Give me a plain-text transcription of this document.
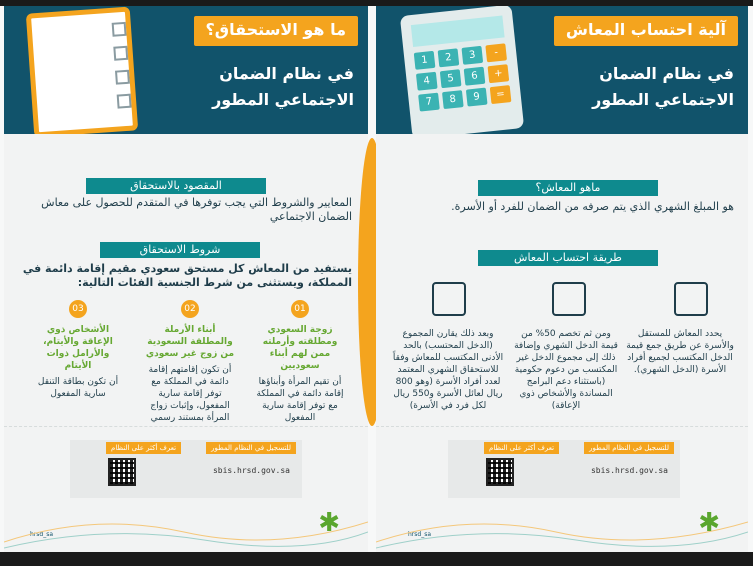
ما هو الاستحقاق؟
في نظام الضمان
الاجتماعي المطور
المقصود بالاستحقاق
المعايير والشروط التي يجب توفرها في المتقدم للحصول على معاش الضمان الاجتماعي
شروط الاستحقاق
يستفيد من المعاش كل مستحق سعودي مقيم إقامة دائمة في المملكة، ويستثنى من شرط الجنسية الفئات التالية:
01
زوجة السعودي ومطلقته وأرملته ممن لهم أبناء سعوديين
أن تقيم المرأة وأبناؤها إقامة دائمة في المملكة مع توفر إقامة سارية المفعول
02
أبناء الأرملة والمطلقة السعودية من زوج غير سعودي
أن تكون إقامتهم إقامة دائمة في المملكة مع توفر إقامة سارية المفعول، وإثبات زواج المرأة بمستند رسمي
03
الأشخاص ذوي الإعاقة والأيتام، والأرامل ذوات الأيتام
أن تكون بطاقة التنقل سارية المفعول
للتسجيل في النظام المطور
تعرف أكثر على النظام
sbis.hrsd.gov.sa
hrsd_sa	✱
1	2	3	-
4	5	6	+
7	8	9	=
آلية احتساب المعاش
في نظام الضمان
الاجتماعي المطور
ماهو المعاش؟
هو المبلغ الشهري الذي يتم صرفه من الضمان للفرد أو الأسرة.
طريقة احتساب المعاش
يحدد المعاش للمستقل والأسرة عن طريق جمع قيمة الدخل المكتسب لجميع أفراد الأسرة (الدخل الشهري).
ومن ثم تخصم 50% من قيمة الدخل الشهري وإضافة ذلك إلى مجموع الدخل غير المكتسب من دعوم حكومية (باستثناء دعم البرامج المساندة والأشخاص ذوي الإعاقة)
وبعد ذلك يقارن المجموع (الدخل المحتسب) بالحد الأدنى المكتسب للمعاش وفقاً للاستحقاق الشهري المعتمد لعدد أفراد الأسرة (وهو 800 ريال لعائل الأسرة و550 ريال لكل فرد في الأسرة)
للتسجيل في النظام المطور
تعرف أكثر على النظام
sbis.hrsd.gov.sa
hrsd_sa	✱
